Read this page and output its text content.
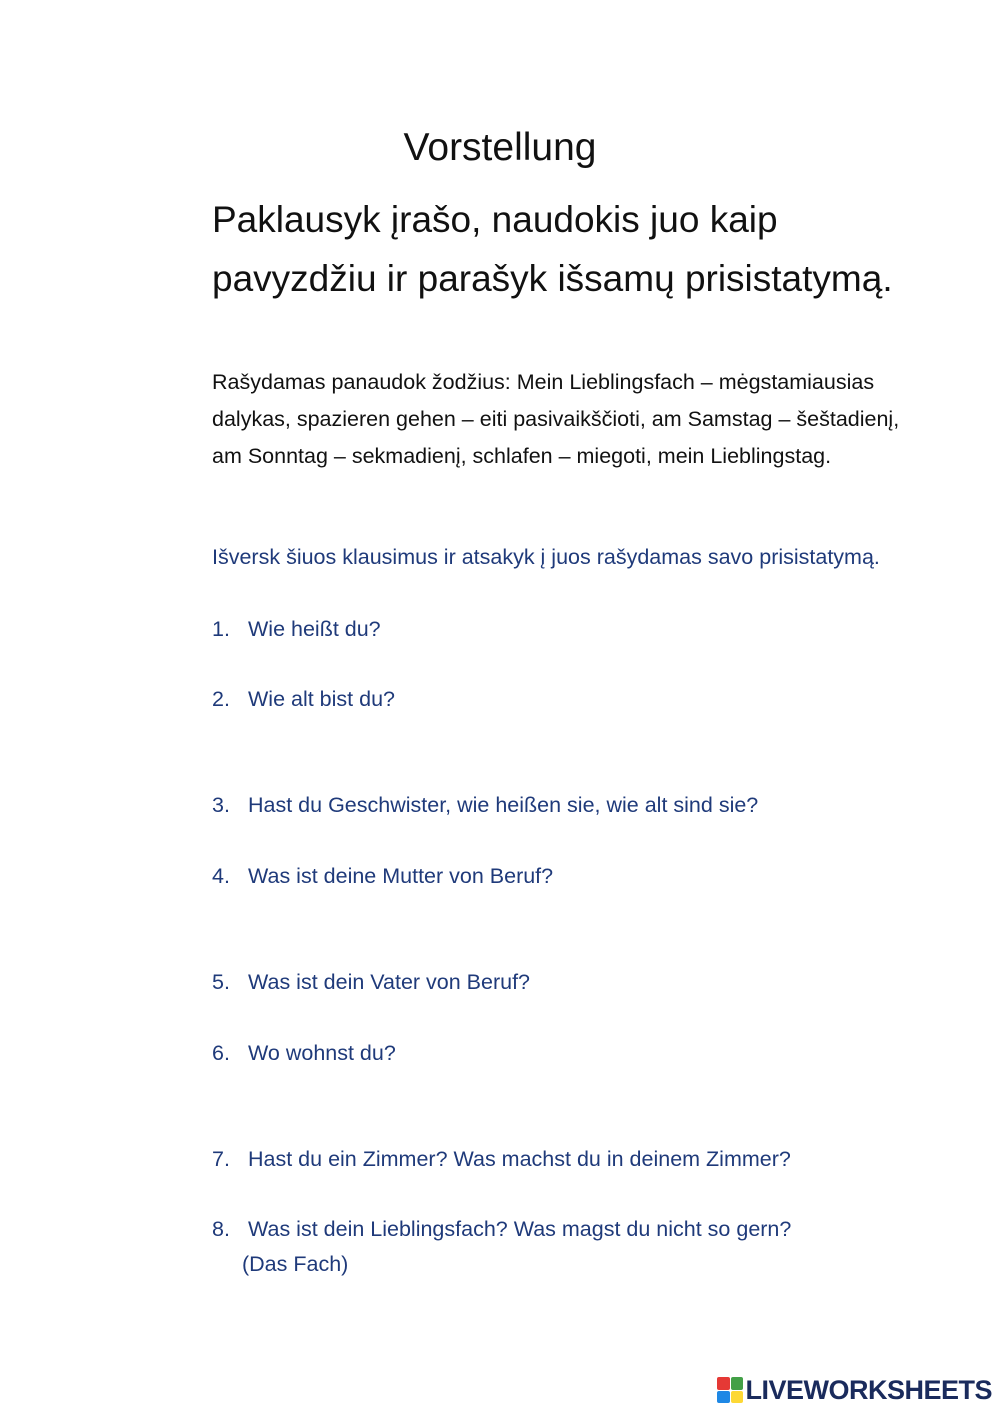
Vorstellung
Paklausyk įrašo, naudokis juo kaip pavyzdžiu ir parašyk išsamų prisistatymą.
Rašydamas panaudok žodžius: Mein Lieblingsfach – mėgstamiausias dalykas, spazieren gehen – eiti pasivaikščioti, am Samstag – šeštadienį, am Sonntag – sekmadienį, schlafen – miegoti, mein Lieblingstag.
Išversk šiuos klausimus ir atsakyk į juos rašydamas savo prisistatymą.
1. Wie heißt du?
2. Wie alt bist du?
3. Hast du Geschwister, wie heißen sie, wie alt sind sie?
4. Was ist deine Mutter von Beruf?
5. Was ist dein Vater von Beruf?
6. Wo wohnst du?
7. Hast du ein Zimmer? Was machst du in deinem Zimmer?
8. Was ist dein Lieblingsfach? Was magst du nicht so gern?
(Das Fach)
LIVEWORKSHEETS
